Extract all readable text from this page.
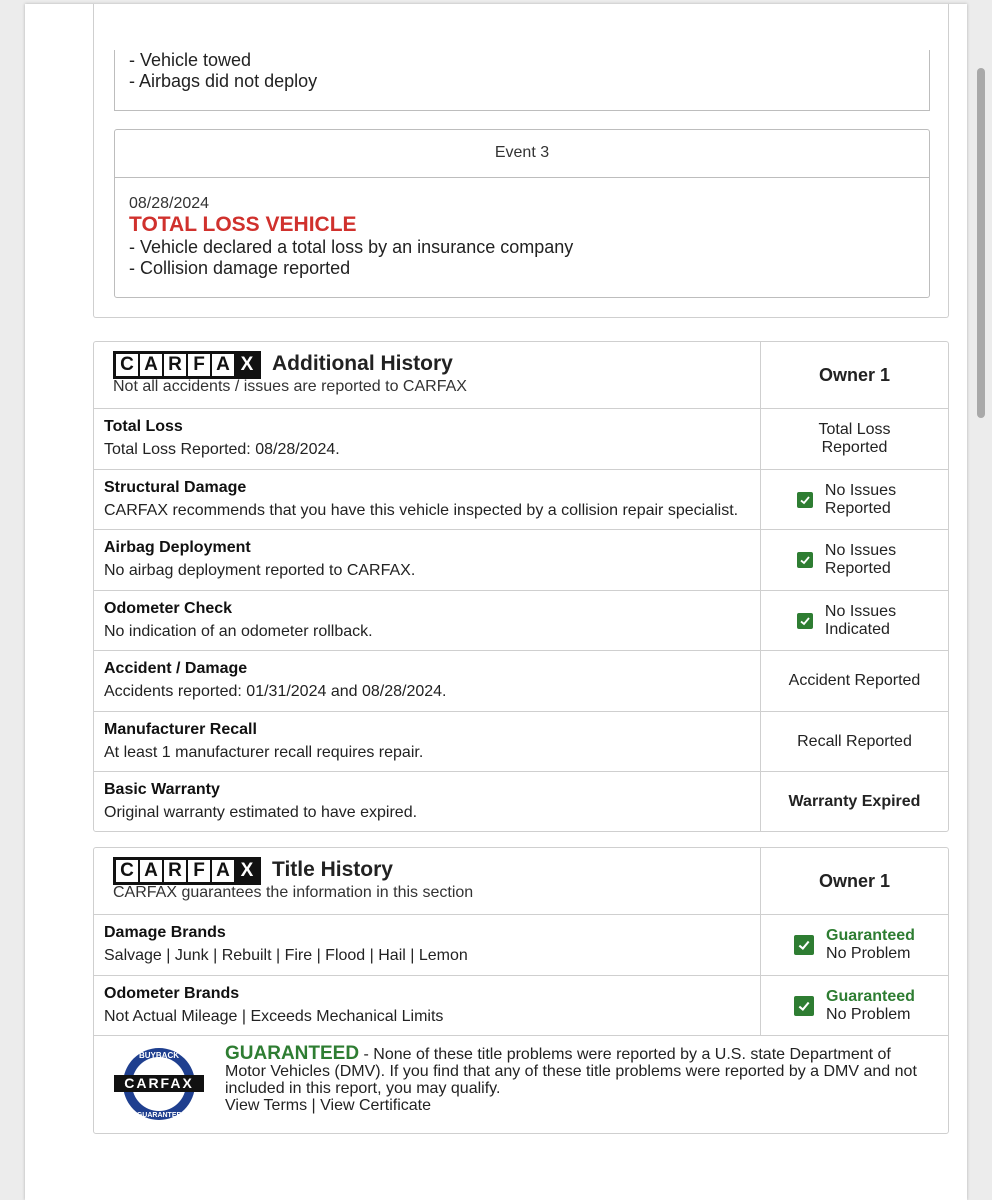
- Vehicle towed
- Airbags did not deploy
Event 3
08/28/2024
TOTAL LOSS VEHICLE
- Vehicle declared a total loss by an insurance company
- Collision damage reported
C A R F A X Additional History
Not all accidents / issues are reported to CARFAX
Owner 1
Total Loss
Total Loss Reported: 08/28/2024.
Total Loss
Reported
Structural Damage
CARFAX recommends that you have this vehicle inspected by a collision repair specialist.
No Issues
Reported
Airbag Deployment
No airbag deployment reported to CARFAX.
No Issues
Reported
Odometer Check
No indication of an odometer rollback.
No Issues
Indicated
Accident / Damage
Accidents reported: 01/31/2024 and 08/28/2024.
Accident Reported
Manufacturer Recall
At least 1 manufacturer recall requires repair.
Recall Reported
Basic Warranty
Original warranty estimated to have expired.
Warranty Expired
C A R F A X Title History
CARFAX guarantees the information in this section
Owner 1
Damage Brands
Salvage | Junk | Rebuilt | Fire | Flood | Hail | Lemon
Guaranteed
No Problem
Odometer Brands
Not Actual Mileage | Exceeds Mechanical Limits
Guaranteed
No Problem
BUYBACK
GUARANTEE
CARFAX
GUARANTEED - None of these title problems were reported by a U.S. state Department of Motor Vehicles (DMV). If you find that any of these title problems were reported by a DMV and not included in this report, you may qualify.
View Terms | View Certificate
